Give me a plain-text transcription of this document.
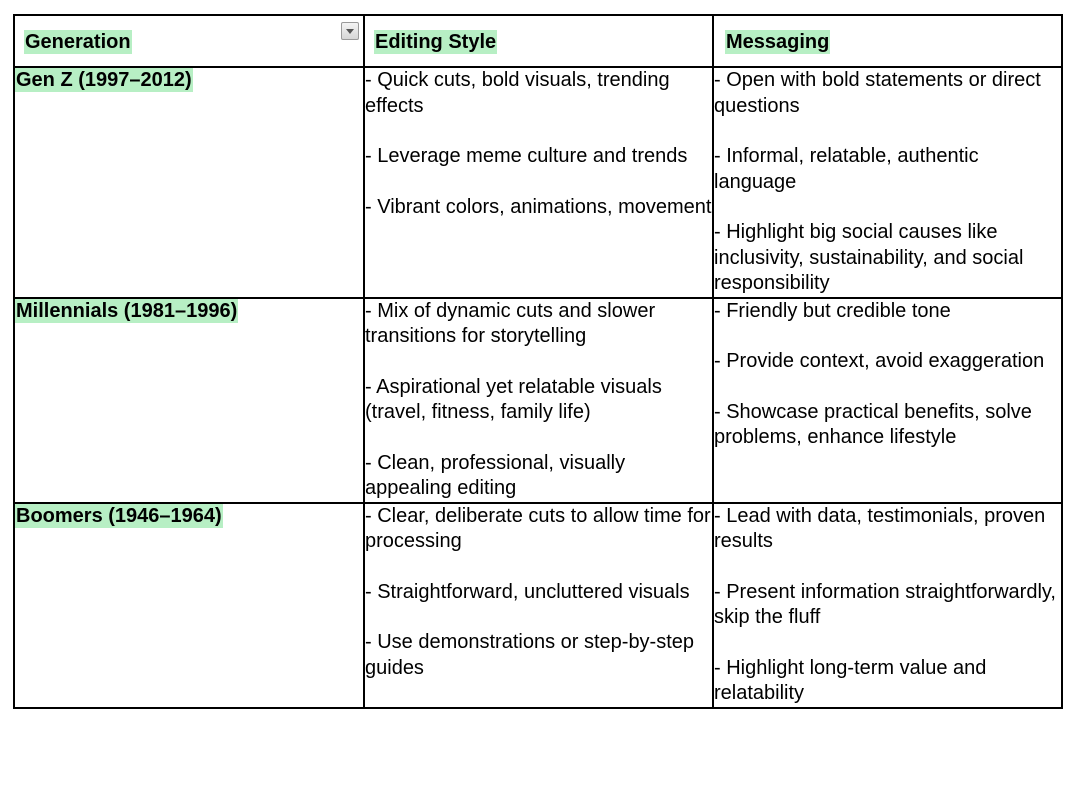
Generation	Editing Style	Messaging

Gen Z (1997–2012)	- Quick cuts, bold visuals, trending effects
- Leverage meme culture and trends
- Vibrant colors, animations, movement	- Open with bold statements or direct questions
- Informal, relatable, authentic language
- Highlight big social causes like inclusivity, sustainability, and social responsibility

Millennials (1981–1996)	- Mix of dynamic cuts and slower transitions for storytelling
- Aspirational yet relatable visuals (travel, fitness, family life)
- Clean, professional, visually appealing editing	- Friendly but credible tone
- Provide context, avoid exaggeration
- Showcase practical benefits, solve problems, enhance lifestyle

Boomers (1946–1964)	- Clear, deliberate cuts to allow time for processing
- Straightforward, uncluttered visuals
- Use demonstrations or step-by-step guides	- Lead with data, testimonials, proven results
- Present information straightforwardly, skip the fluff
- Highlight long-term value and relatability
